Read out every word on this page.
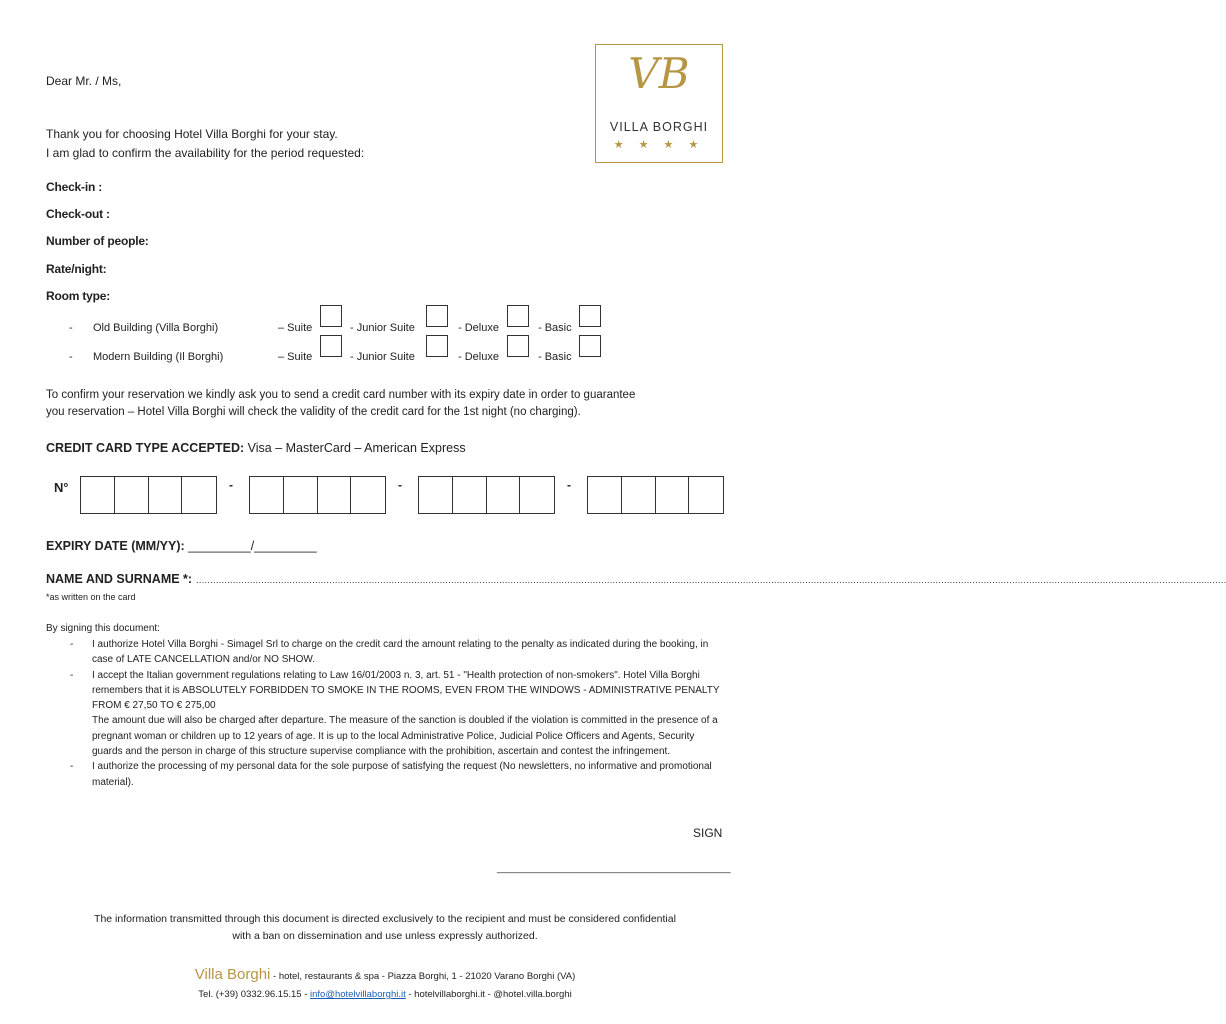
Dear Mr. / Ms,	VB
VILLA BORGHI
★ ★ ★ ★
Thank you for choosing Hotel Villa Borghi for your stay.
I am glad to confirm the availability for the period requested:
Check-in :
Check-out :
Number of people:
Rate/night:
Room type:
- Old Building (Villa Borghi)	– Suite	- Junior Suite	- Deluxe	- Basic
- Modern Building (Il Borghi)	– Suite	- Junior Suite	- Deluxe	- Basic
To confirm your reservation we kindly ask you to send a credit card number with its expiry date in order to guarantee
you reservation – Hotel Villa Borghi will check the validity of the credit card for the 1st night (no charging).
CREDIT CARD TYPE ACCEPTED: Visa – MasterCard – American Express
N°	-	-	-
EXPIRY DATE (MM/YY): _________/_________
NAME AND SURNAME *: ………………………………………………………………………………………………………………………………………………………………………………………………………………………………………………………………………………………………………………………….………
*as written on the card
By signing this document:
- I authorize Hotel Villa Borghi - Simagel Srl to charge on the credit card the amount relating to the penalty as indicated during the booking, in case of LATE CANCELLATION and/or NO SHOW.
- I accept the Italian government regulations relating to Law 16/01/2003 n. 3, art. 51 - "Health protection of non-smokers". Hotel Villa Borghi remembers that it is ABSOLUTELY FORBIDDEN TO SMOKE IN THE ROOMS, EVEN FROM THE WINDOWS - ADMINISTRATIVE PENALTY FROM € 27,50 TO € 275,00
The amount due will also be charged after departure. The measure of the sanction is doubled if the violation is committed in the presence of a pregnant woman or children up to 12 years of age. It is up to the local Administrative Police, Judicial Police Officers and Agents, Security guards and the person in charge of this structure supervise compliance with the prohibition, ascertain and contest the infringement.
- I authorize the processing of my personal data for the sole purpose of satisfying the request (No newsletters, no informative and promotional material).
SIGN
__________________________________________
The information transmitted through this document is directed exclusively to the recipient and must be considered confidential
with a ban on dissemination and use unless expressly authorized.
Villa Borghi - hotel, restaurants & spa - Piazza Borghi, 1 - 21020 Varano Borghi (VA)
Tel. (+39) 0332.96.15.15 - info@hotelvillaborghi.it - hotelvillaborghi.it - @hotel.villa.borghi
